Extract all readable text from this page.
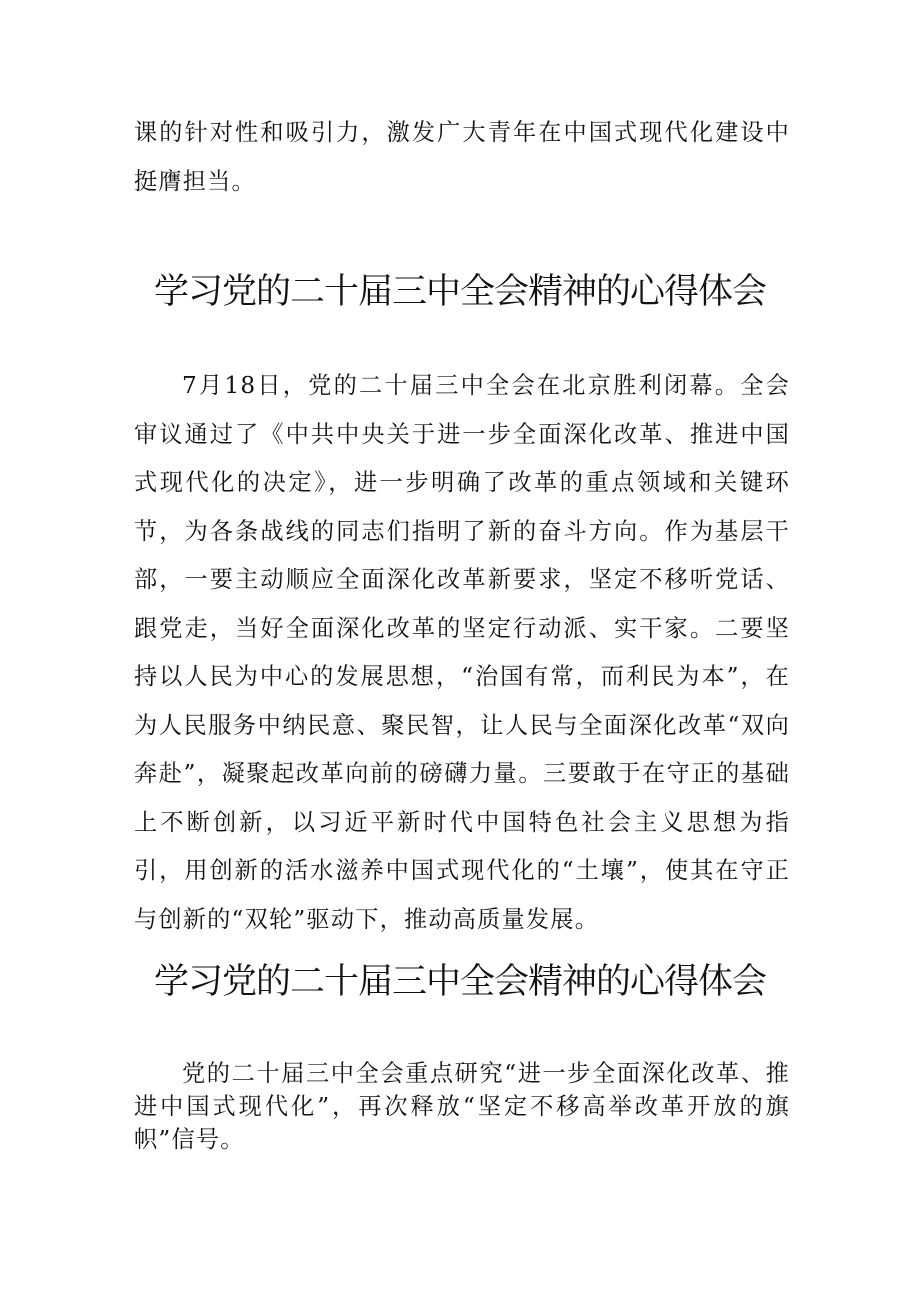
课的针对性和吸引力，激发广大青年在中国式现代化建设中挺膺担当。

学习党的二十届三中全会精神的心得体会

7月18日，党的二十届三中全会在北京胜利闭幕。全会审议通过了《中共中央关于进一步全面深化改革、推进中国式现代化的决定》，进一步明确了改革的重点领域和关键环节，为各条战线的同志们指明了新的奋斗方向。作为基层干部，一要主动顺应全面深化改革新要求，坚定不移听党话、跟党走，当好全面深化改革的坚定行动派、实干家。二要坚持以人民为中心的发展思想，“治国有常，而利民为本”，在为人民服务中纳民意、聚民智，让人民与全面深化改革“双向奔赴”，凝聚起改革向前的磅礴力量。三要敢于在守正的基础上不断创新，以习近平新时代中国特色社会主义思想为指引，用创新的活水滋养中国式现代化的“土壤”，使其在守正与创新的“双轮”驱动下，推动高质量发展。

学习党的二十届三中全会精神的心得体会

党的二十届三中全会重点研究“进一步全面深化改革、推进中国式现代化”，再次释放“坚定不移高举改革开放的旗帜”信号。
